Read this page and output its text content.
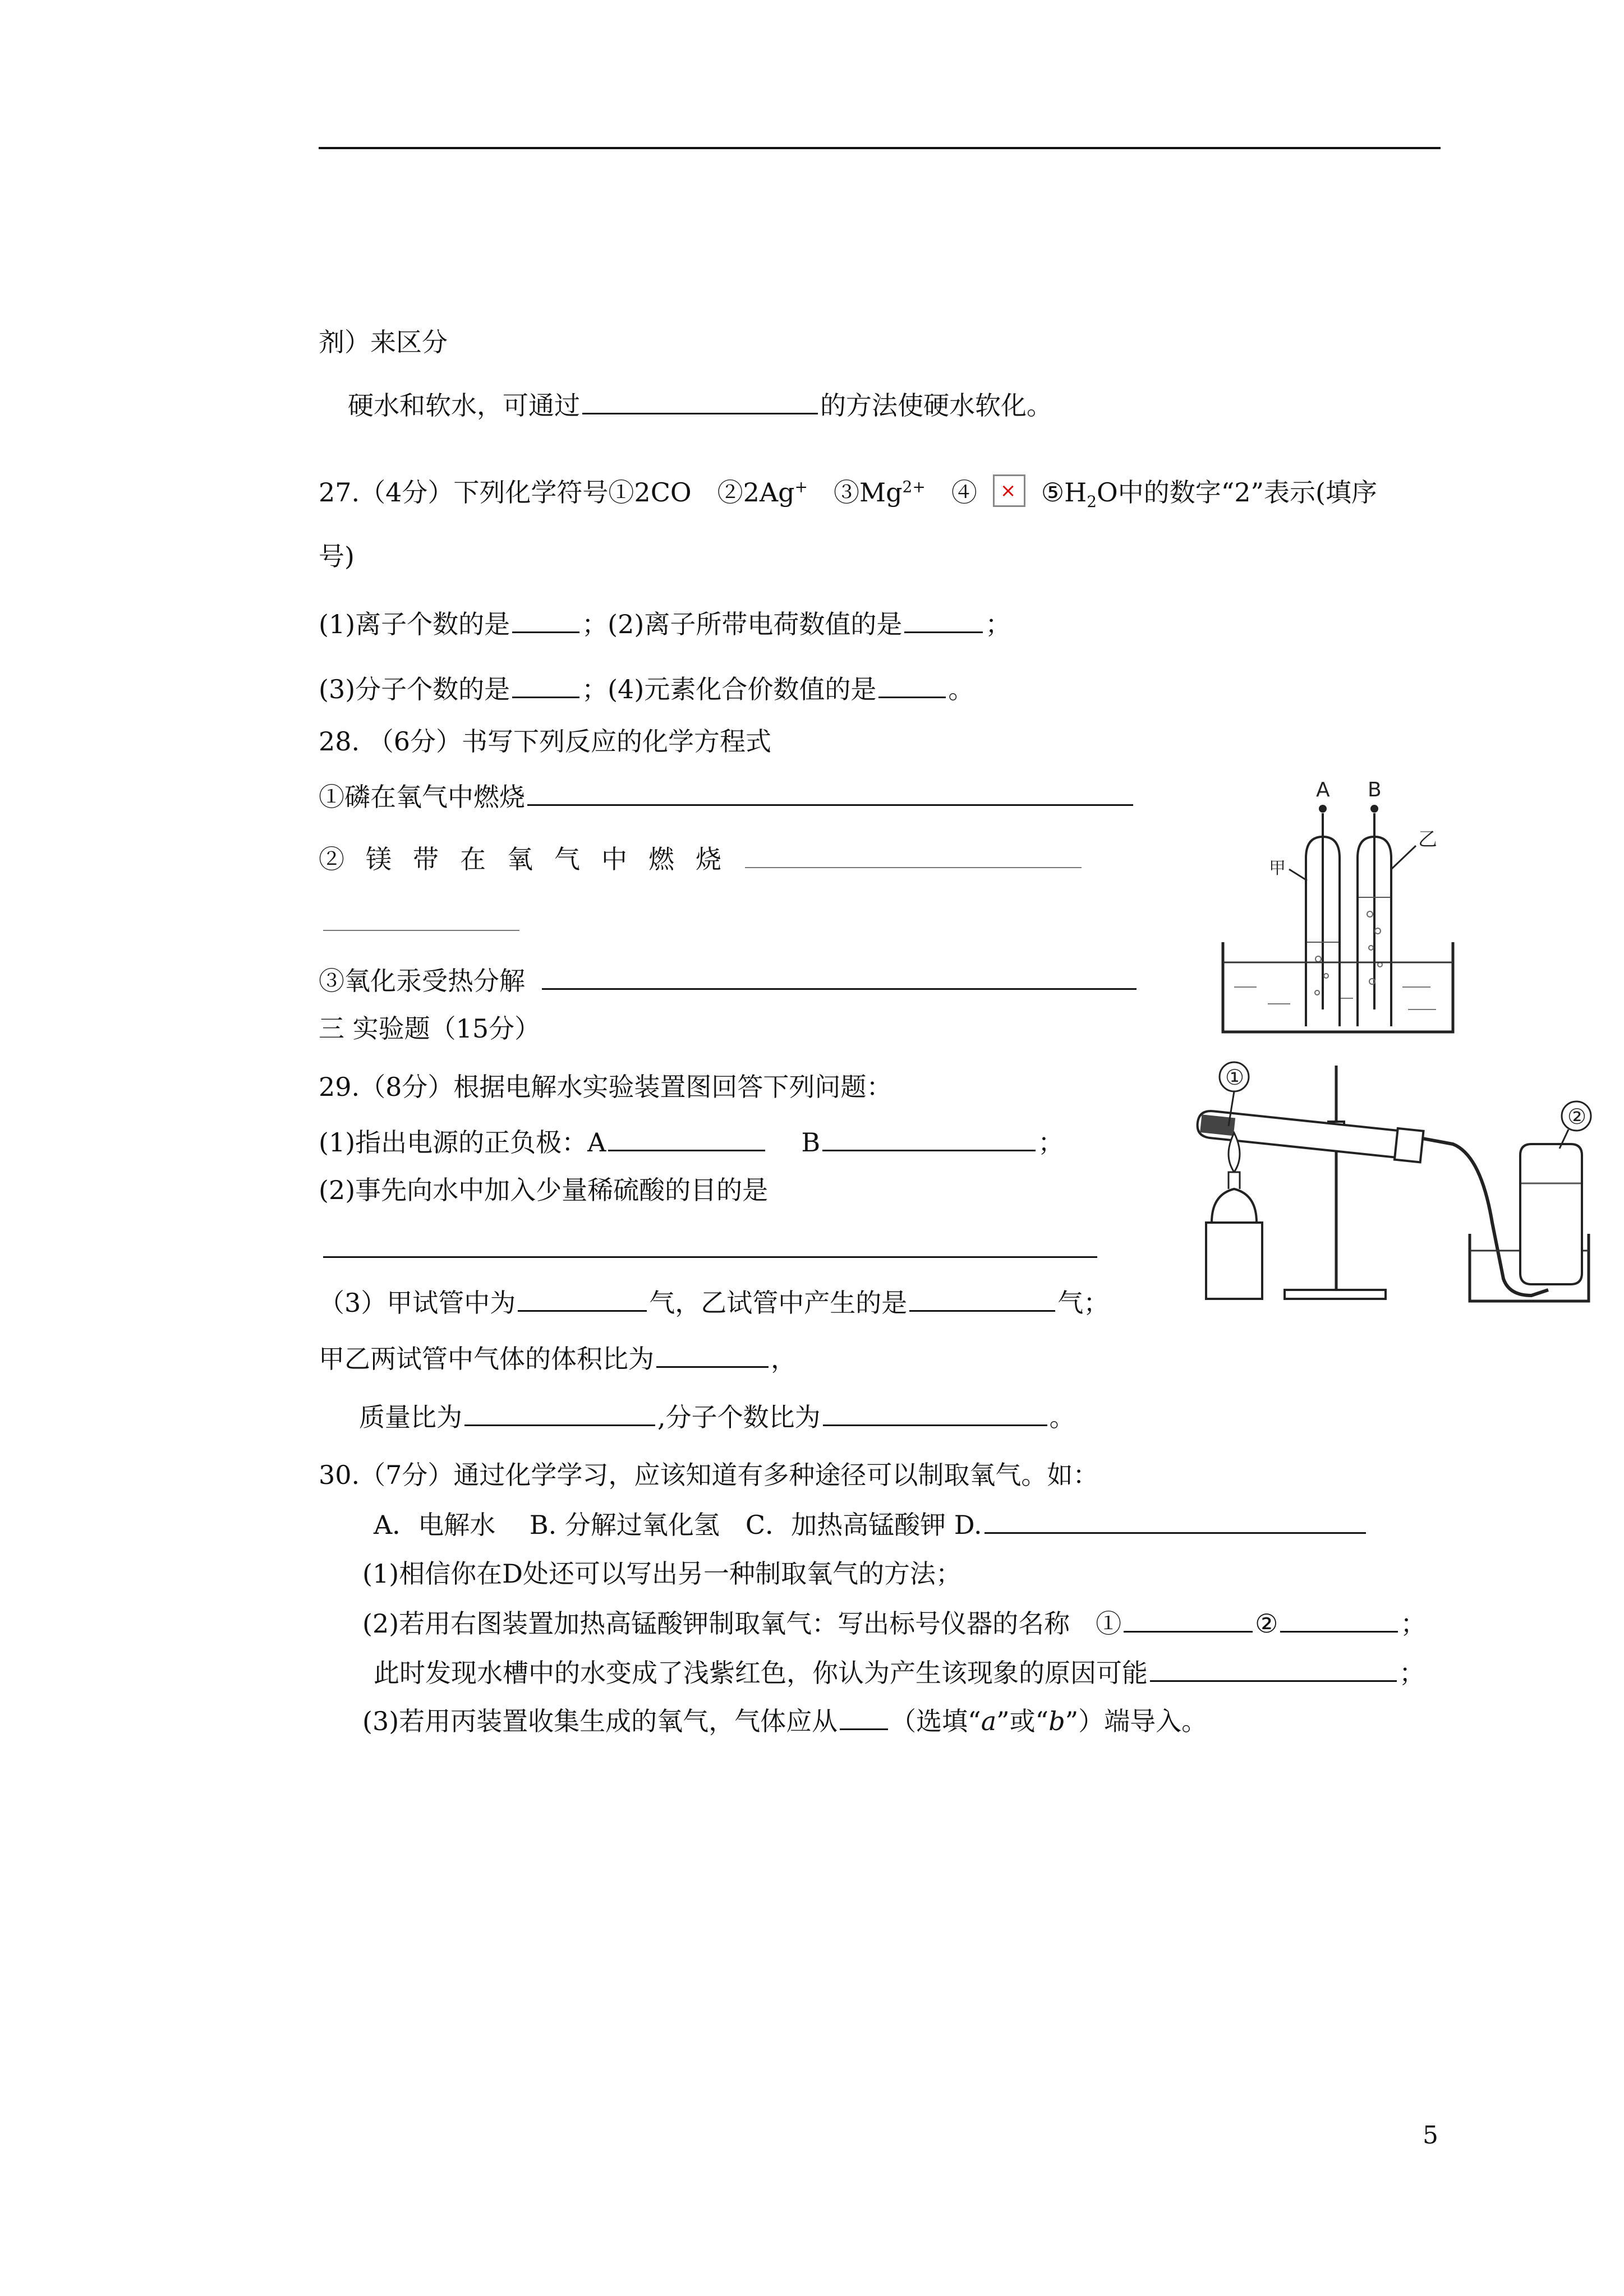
剂）来区分
硬水和软水，可通过	的方法使硬水软化。
27.（4分）下列化学符号①2CO　②2Ag+　$③Mg^{2+}$　④ × $⑤H_2O$中的数字“2”表示(填序
号)
(1)离子个数的是	；(2)离子所带电荷数值的是	；
(3)分子个数的是	；(4)元素化合价数值的是	。
28. （6分）书写下列反应的化学方程式
①磷在氧气中燃烧
②镁带在氧气中燃烧
③氧化汞受热分解
三 实验题（15分）
29.（8分）根据电解水实验装置图回答下列问题：
(1)指出电源的正负极：A	B	；
(2)事先向水中加入少量稀硫酸的目的是
（3）甲试管中为	气，乙试管中产生的是	气；
甲乙两试管中气体的体积比为	，
质量比为	,分子个数比为	。
30.（7分）通过化学学习，应该知道有多种途径可以制取氧气。如：
A．电解水　 B. 分解过氧化氢　C．加热高锰酸钾 D.
(1)相信你在D处还可以写出另一种制取氧气的方法；
(2)若用右图装置加热高锰酸钾制取氧气：写出标号仪器的名称　①	②	；
此时发现水槽中的水变成了浅紫红色，你认为产生该现象的原因可能	；
(3)若用丙装置收集生成的氧气，气体应从 （选填“a”或“b”）端导入。
A B
甲
乙
①
②
5
